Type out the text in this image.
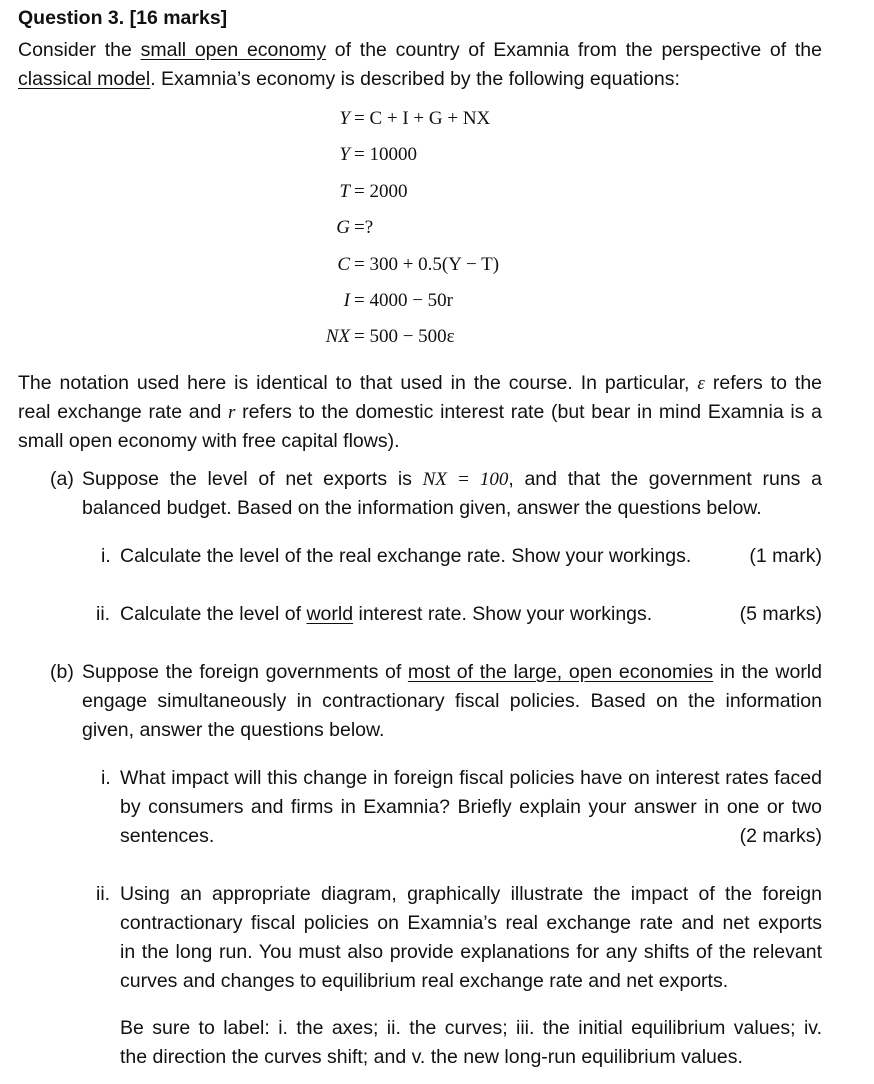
Question 3. [16 marks]
Consider the small open economy of the country of Examnia from the perspective of the
classical model. Examnia’s economy is described by the following equations:
Y = C + I + G + NX
Y = 10000
T = 2000
G =?
C = 300 + 0.5(Y − T)
I = 4000 − 50r
NX = 500 − 500ε
The notation used here is identical to that used in the course. In particular, ε refers to the
real exchange rate and r refers to the domestic interest rate (but bear in mind Examnia is a
small open economy with free capital flows).
(a) Suppose the level of net exports is NX = 100, and that the government runs a
balanced budget. Based on the information given, answer the questions below.
i. Calculate the level of the real exchange rate. Show your workings.	(1 mark)
ii. Calculate the level of world interest rate. Show your workings.	(5 marks)
(b) Suppose the foreign governments of most of the large, open economies in the world
engage simultaneously in contractionary fiscal policies. Based on the information
given, answer the questions below.
i. What impact will this change in foreign fiscal policies have on interest rates faced
by consumers and firms in Examnia? Briefly explain your answer in one or two
sentences.	(2 marks)
ii. Using an appropriate diagram, graphically illustrate the impact of the foreign
contractionary fiscal policies on Examnia’s real exchange rate and net exports
in the long run. You must also provide explanations for any shifts of the relevant
curves and changes to equilibrium real exchange rate and net exports.
Be sure to label: i. the axes; ii. the curves; iii. the initial equilibrium values; iv.
the direction the curves shift; and v. the new long-run equilibrium values.
